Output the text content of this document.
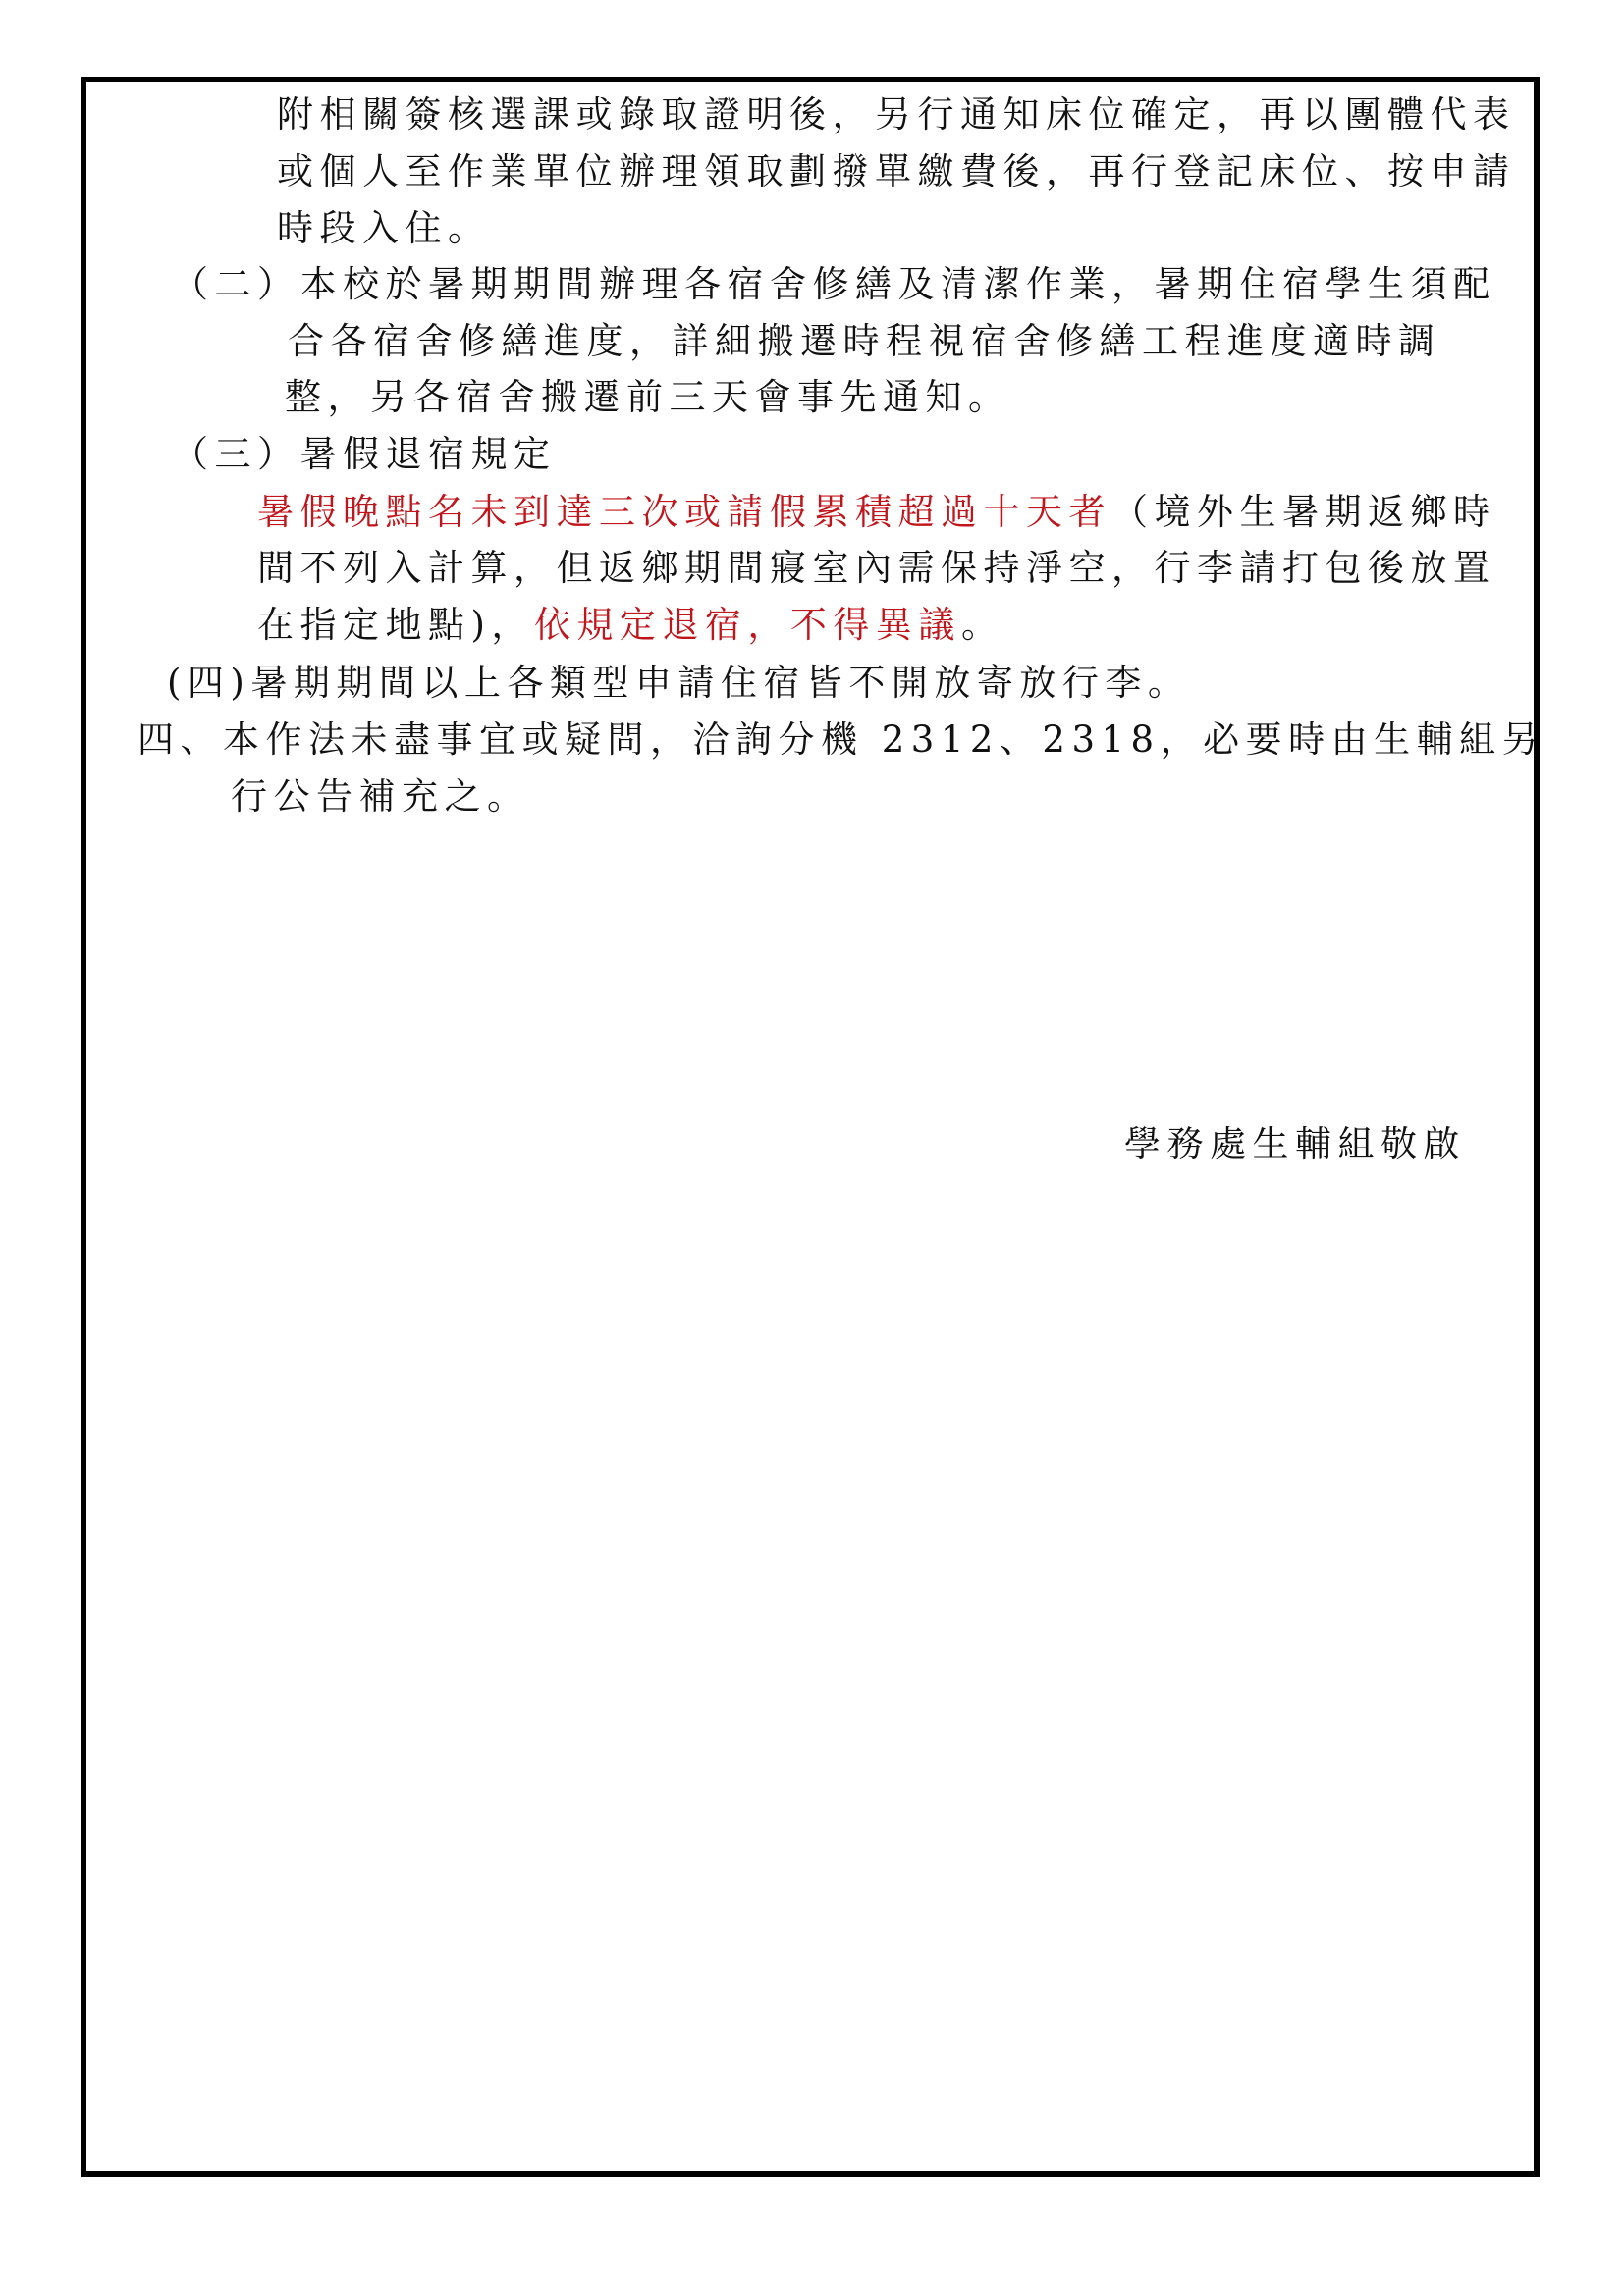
附相關簽核選課或錄取證明後，另行通知床位確定，再以團體代表
或個人至作業單位辦理領取劃撥單繳費後，再行登記床位、按申請
時段入住。
（二）本校於暑期期間辦理各宿舍修繕及清潔作業，暑期住宿學生須配
合各宿舍修繕進度，詳細搬遷時程視宿舍修繕工程進度適時調
整，另各宿舍搬遷前三天會事先通知。
（三）暑假退宿規定
暑假晚點名未到達三次或請假累積超過十天者（境外生暑期返鄉時
間不列入計算，但返鄉期間寢室內需保持淨空，行李請打包後放置
在指定地點)，依規定退宿，不得異議。
(四)暑期期間以上各類型申請住宿皆不開放寄放行李。
四、本作法未盡事宜或疑問，洽詢分機 2312、2318，必要時由生輔組另
行公告補充之。
學務處生輔組敬啟
